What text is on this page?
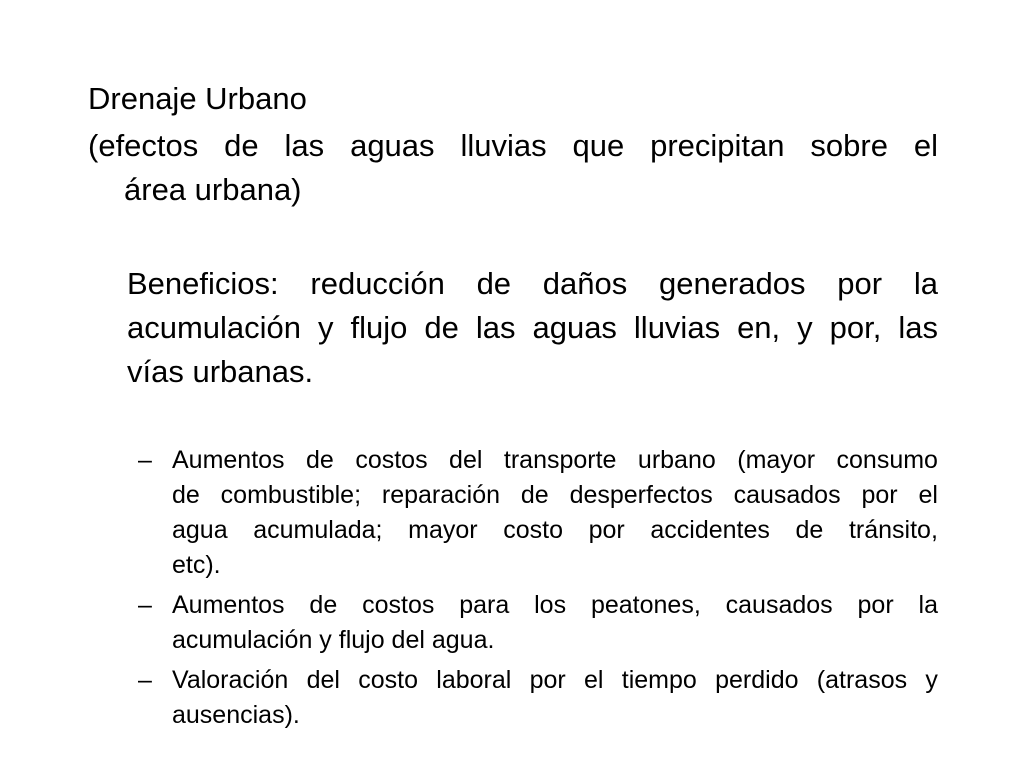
Drenaje Urbano
(efectos de las aguas lluvias que precipitan sobre el
área urbana)
Beneficios: reducción de daños generados por la
acumulación y flujo de las aguas lluvias en, y por, las
vías urbanas.
– Aumentos de costos del transporte urbano (mayor consumo
de combustible; reparación de desperfectos causados por el
agua acumulada; mayor costo por accidentes de tránsito,
etc).
– Aumentos de costos para los peatones, causados por la
acumulación y flujo del agua.
– Valoración del costo laboral por el tiempo perdido (atrasos y
ausencias).
